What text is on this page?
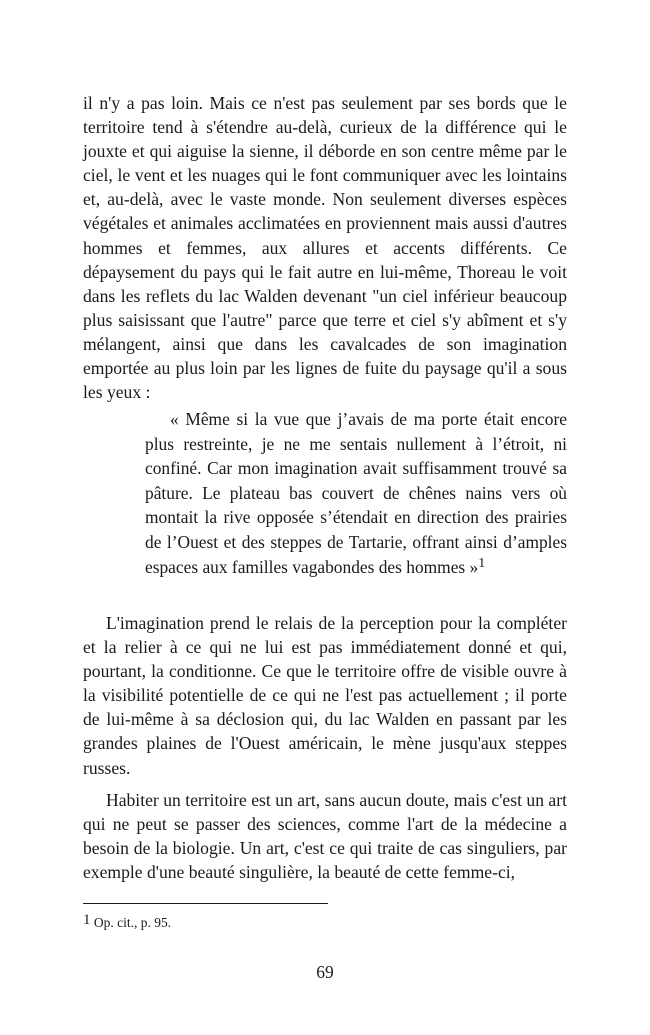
il n'y a pas loin. Mais ce n'est pas seulement par ses bords que le territoire tend à s'étendre au-delà, curieux de la différence qui le jouxte et qui aiguise la sienne, il déborde en son centre même par le ciel, le vent et les nuages qui le font communiquer avec les lointains et, au-delà, avec le vaste monde. Non seulement diverses espèces végétales et animales acclimatées en proviennent mais aussi d'autres hommes et femmes, aux allures et accents différents. Ce dépaysement du pays qui le fait autre en lui-même, Thoreau le voit dans les reflets du lac Walden devenant "un ciel inférieur beaucoup plus saisissant que l'autre" parce que terre et ciel s'y abîment et s'y mélangent, ainsi que dans les cavalcades de son imagination emportée au plus loin par les lignes de fuite du paysage qu'il a sous les yeux :

« Même si la vue que j’avais de ma porte était encore plus restreinte, je ne me sentais nullement à l’étroit, ni confiné. Car mon imagination avait suffisamment trouvé sa pâture. Le plateau bas couvert de chênes nains vers où montait la rive opposée s’étendait en direction des prairies de l’Ouest et des steppes de Tartarie, offrant ainsi d’amples espaces aux familles vagabondes des hommes »$^1$

L'imagination prend le relais de la perception pour la compléter et la relier à ce qui ne lui est pas immédiatement donné et qui, pourtant, la conditionne. Ce que le territoire offre de visible ouvre à la visibilité potentielle de ce qui ne l'est pas actuellement ; il porte de lui-même à sa déclosion qui, du lac Walden en passant par les grandes plaines de l'Ouest américain, le mène jusqu'aux steppes russes.

Habiter un territoire est un art, sans aucun doute, mais c'est un art qui ne peut se passer des sciences, comme l'art de la médecine a besoin de la biologie. Un art, c'est ce qui traite de cas singuliers, par exemple d'une beauté singulière, la beauté de cette femme-ci,

1 Op. cit., p. 95.

69
